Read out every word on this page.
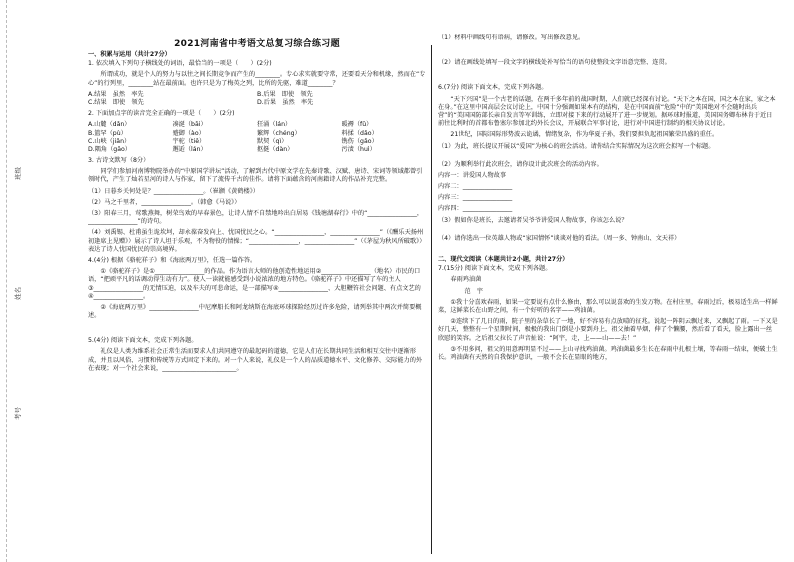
班级
姓名
考号
2021河南省中考语文总复习综合练习题

一、积累与运用（共计27分）

1. 依次填入下列句子横线处的词语，最恰当的一项是（　　）(2分)

所谓成功，就是个人的努力与以往之间长期竞争而产生的________。专心求实就要守常，还要看天分和机缘，然而在“专心”的行列里，________站在最前面。也许只是为了梅英之列，比所的先驱，难道________？

A.结果　虽然　率先	B.后果　即使　领先
C.结果　即使　领先	D.后果　虽然　率先

2. 下面加点字的读音完全正确的一项是（　　）(2分)

A.山麓（dǎn）	凑涎（bāi）	狂涌（lán）	暖褥（fǔ）
B.篮罕（pù）	蹙御（ào）	繁辉（chéng）	料揉（dǎo）
C.山峡（jiǎn）	宇驼（tiě）	默契（qì）	镌伤（gǎo）
D.隅角（gāo）	邂逅（lán）	抠挺（dàn）	污渍（huì）

3. 古诗文默写（8分）

同学们参加河南博物院举办的“中原国学讲坛”活动，了解到古代中原文学在先秦诗歌、汉赋、唐诗、宋词等领域都曾引领时代，产生了灿若星河的诗人与作家，留下了流传千古的佳作。请将下面蕴含的河南籍诗人的作品补充完整。

（1）日暮乡关何处是？________________。（崔颢《黄鹤楼》）

（2）马之千里者，________________。（韩愈《马说》）

（3）阳春三月，莺歌燕舞，树荣鸟欢的早春景色，让诗人情不自禁地吟出白居易《钱塘湖春行》中的“________________，________________”的诗句。

（4）刘禹锡、杜甫虽生诡坎坷，却永葆奋发向上、忧国忧民之心。“________________，________________”（《酬乐天扬州初逢席上见赠》）展示了诗人坦于乐观，不为物役的情操；“________________，________________”（《茅屋为秋风所破歌》）表达了诗人忧国忧民的崇高境界。

4.(4分) 根据《骆驼祥子》和《海底两万里》，任选一篇作答。

①《骆驼祥子》是①________________的作品。作为语言大师的他创造性地运用②________________（地名）市民的口语，“把顽平凡的话调动得生动有力”。使人一读就能感受到小说浓浓的地方特色。《骆驼祥子》中还描写了车的主人③________________的无情压迫，以及车夫的可悲命运，是一部描写④________________、大胆鞭笞社会问题、有点文艺的④________________。

②《海底两万里》________________中尼摩船长和阿龙纳斯在海底环球探险经历过许多危险，请列举其中两次并简要概述。

5.(4分) 阅读下面文本，完成下列各题。

礼仪是人类为维系社会正常生活而要求人们共同遵守的最起码的道德，它是人们在长期共同生活和相互交往中逐渐形成，并且以风俗、习惯和传统等方式固定下来的。对一个人来说，礼仪是一个人的品质道德水平、文化修养、交际能力的外在表现；对一个社会来说，________________________。

（1）材料中画线句有语病，请修改。写出修改意见。

（2）请在画线处填写一段文字的横线处补写恰当的语句使整段文字语意完整、连贯。

6.(7分) 阅读下面文本，完成下列各题。

“天下兴国”是一个古老的话题，在两千多年前的战国时期，人们就已经深有讨论。“天下之本在国，国之本在家，家之本在身。”在这里中国高层会议讨论上，中国十分强调如果本有的结构，是在中国面前“危险”中的“美国绝对不会随时出兵营”的“美国国防部长亲自发言等军训练，立即对接下来的行动展开了进一步规划。据环球时报道，美国国务卿布林肯于近日前往比利时的首都布鲁塞尔参加北约外长会议，开展联合军事讨论，进行对中国进行制约的相关协议讨论。

21世纪，国际国际形势波云诡谲，情绪复杂，作为华夏子孙，我们要担负起祖国繁荣昌盛的重任。

（1）为此，班长提议开展以“爱国”为核心的班会活动。请你结合实际情况为这次班会拟写一个标题。

（2）为顺利举行此次班会，请你设计此次班会的活动内容。

内容一：讲爱国人物故事

内容二：________________

内容三：________________

内容四：________________

（3）假如你是班长，去邀请者吴爷爷讲爱国人物故事，你该怎么说？

（4）请你选出一位英雄人物或“家国情怀”谈谈对他的看法。（周一多、钟南山、文天祥）

二、现代文阅读（本题共计2小题，共计27分）

7.(15分) 阅读下面文本，完成下列各题。

春雨鸡油菌

范　宇

①我十分喜欢春雨，如果一定要说有点什么修由，那么可以说喜欢的生发万物。在村庄里，春雨过后，极易适生出一样鲜菜，这鲜菜长在山野之间，有一个好听的名字——鸡油菌。

②连续下了几日的雨，院子里的杂草长了一地，好不容易有点放晴的征兆。说起一阵阴云飘过来，又飘起了雨。一下又是好几天，整整有一个星期时间，极极的我出门倒是小要到舟上，祖父抽着旱烟，伸了个懒腰，然后看了看天，脸上露出一丝欣慰的笑容。之后祖父拉长了声音扯说：“阿宇，走，上——山——去！”

③不用多问，祖父的用意再明显不过——上山寻找鸡油菌。鸡油菌最多生长在春雨中扎根土壤，等春雨一结束，便破土生长。鸡油菌有天然的自我保护意识，一般不会长在显眼的地方，
